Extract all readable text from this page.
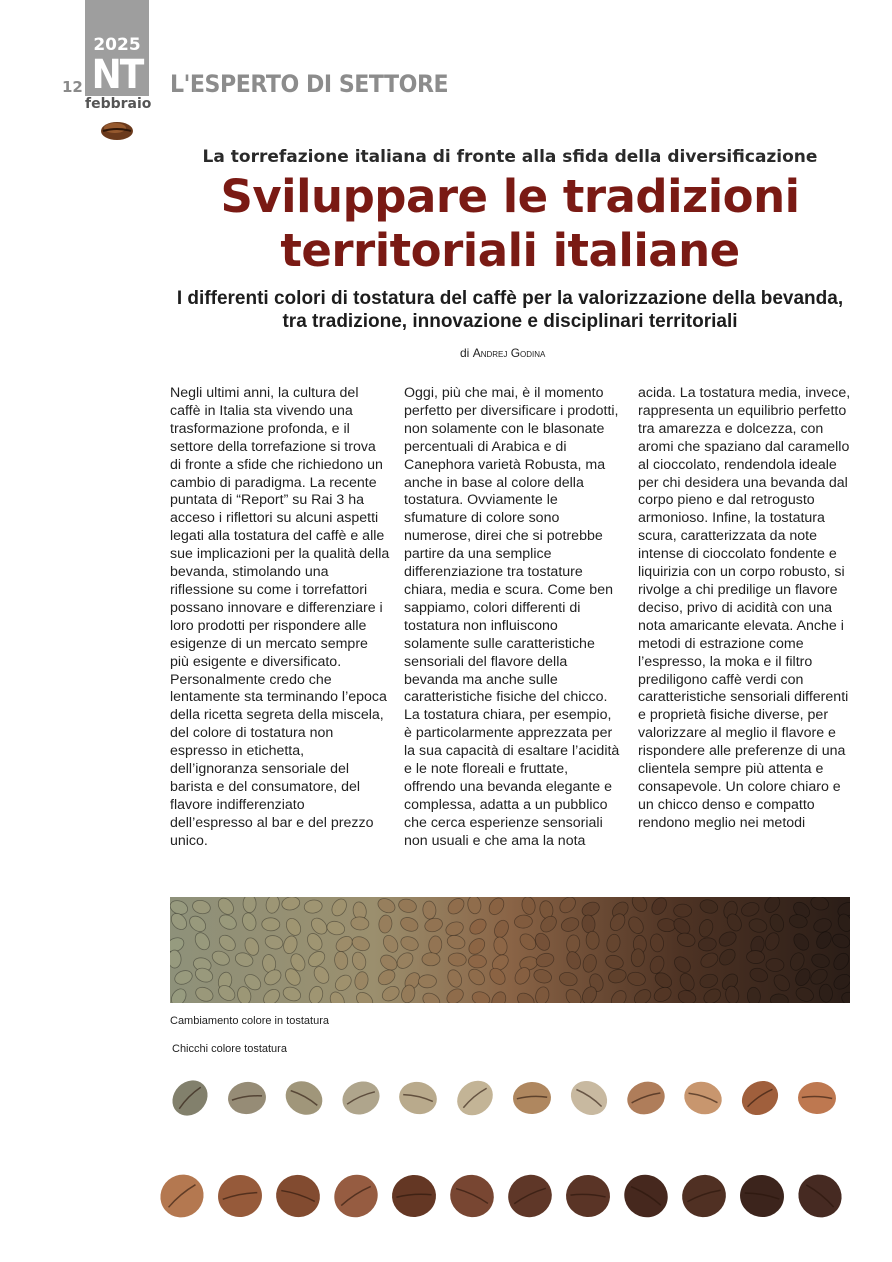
2025
NT
febbraio
12	L'ESPERTO DI SETTORE
La torrefazione italiana di fronte alla sfida della diversificazione
Sviluppare le tradizioni
territoriali italiane
I differenti colori di tostatura del caffè per la valorizzazione della bevanda,
tra tradizione, innovazione e disciplinari territoriali
di Andrej Godina

Negli ultimi anni, la cultura del caffè in Italia sta vivendo una trasformazione profonda, e il settore della torrefazione si trova di fronte a sfide che richiedono un cambio di paradigma. La recente puntata di “Report” su Rai 3 ha acceso i riflettori su alcuni aspetti legati alla tostatura del caffè e alle sue implicazioni per la qualità della bevanda, stimolando una riflessione su come i torrefattori possano innovare e differenziare i loro prodotti per rispondere alle esigenze di un mercato sempre più esigente e diversificato. Personalmente credo che lentamente sta terminando l’epoca della ricetta segreta della miscela, del colore di tostatura non espresso in etichetta, dell’ignoranza sensoriale del barista e del consumatore, del flavore indifferenziato dell’espresso al bar e del prezzo unico.

Oggi, più che mai, è il momento perfetto per diversificare i prodotti, non solamente con le blasonate percentuali di Arabica e di Canephora varietà Robusta, ma anche in base al colore della tostatura. Ovviamente le sfumature di colore sono numerose, direi che si potrebbe partire da una semplice differenziazione tra tostature chiara, media e scura. Come ben sappiamo, colori differenti di tostatura non influiscono solamente sulle caratteristiche sensoriali del flavore della bevanda ma anche sulle caratteristiche fisiche del chicco. La tostatura chiara, per esempio, è particolarmente apprezzata per la sua capacità di esaltare l’acidità e le note floreali e fruttate, offrendo una bevanda elegante e complessa, adatta a un pubblico che cerca esperienze sensoriali non usuali e che ama la nota

acida. La tostatura media, invece, rappresenta un equilibrio perfetto tra amarezza e dolcezza, con aromi che spaziano dal caramello al cioccolato, rendendola ideale per chi desidera una bevanda dal corpo pieno e dal retrogusto armonioso. Infine, la tostatura scura, caratterizzata da note intense di cioccolato fondente e liquirizia con un corpo robusto, si rivolge a chi predilige un flavore deciso, privo di acidità con una nota amaricante elevata. Anche i metodi di estrazione come l’espresso, la moka e il filtro prediligono caffè verdi con caratteristiche sensoriali differenti e proprietà fisiche diverse, per valorizzare al meglio il flavore e rispondere alle preferenze di una clientela sempre più attenta e consapevole. Un colore chiaro e un chicco denso e compatto rendono meglio nei metodi

Cambiamento colore in tostatura
Chicchi colore tostatura
